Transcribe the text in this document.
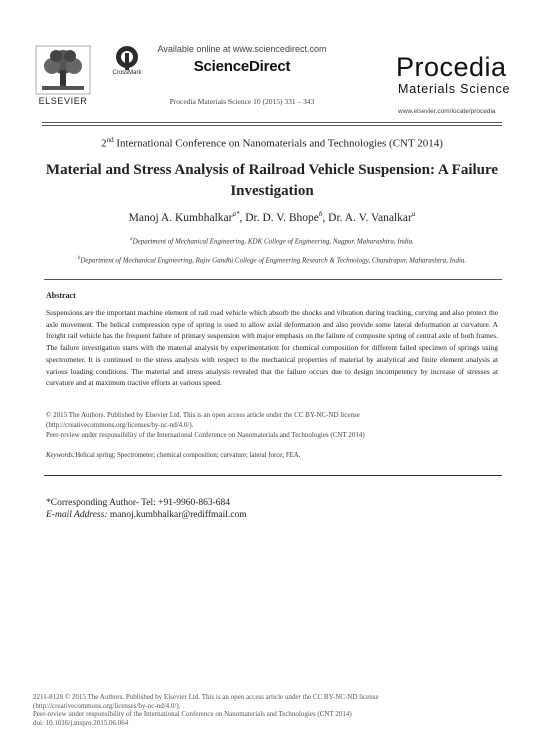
ELSEVIER
CrossMark
Available online at www.sciencedirect.com
ScienceDirect
Procedia Materials Science 10 (2015) 331 – 343
Procedia
Materials Science
www.elsevier.com/locate/procedia
2nd International Conference on Nanomaterials and Technologies (CNT 2014)
Material and Stress Analysis of Railroad Vehicle Suspension: A Failure Investigation
Manoj A. Kumbhalkar$^{a*}$, Dr. D. V. Bhope$^b$, Dr. A. V. Vanalkar$^a$
$^a$Department of Mechanical Engineering, KDK College of Engineering, Nagpur, Maharashtra, India.
$^b$Department of Mechanical Engineering, Rajiv Gandhi College of Engineering Research & Technology, Chandrapur, Maharashtra, India.
Abstract
Suspensions are the important machine element of rail road vehicle which absorb the shocks and vibration during tracking, curving and also protect the axle movement. The helical compression type of spring is used to allow axial deformation and also provide some lateral deformation at curvature. A freight rail vehicle has the frequent failure of primary suspension with major emphasis on the failure of composite spring of central axle of both frames. The failure investigation starts with the material analysis by experimentation for chemical composition for different failed specimen of springs using spectrometer. It is continued to the stress analysis with respect to the mechanical properties of material by analytical and finite element analysis at various loading conditions. The material and stress analysis revealed that the failure occurs due to design incompetency by increase of stresses at curvature and at maximum tractive efforts at various speed.
© 2015 The Authors. Published by Elsevier Ltd. This is an open access article under the CC BY-NC-ND license
(http://creativecommons.org/licenses/by-nc-nd/4.0/).
Peer-review under responsibility of the International Conference on Nanomaterials and Technologies (CNT 2014)
Keywords:Helical spring; Spectrometer; chemical composition; curvature; lateral force; FEA.
*Corresponding Author- Tel: +91-9960-863-684
E-mail Address: manoj.kumbhalkar@rediffmail.com
2211-8128 © 2015 The Authors. Published by Elsevier Ltd. This is an open access article under the CC BY-NC-ND license
(http://creativecommons.org/licenses/by-nc-nd/4.0/).
Peer-review under responsibility of the International Conference on Nanomaterials and Technologies (CNT 2014)
doi: 10.1016/j.mspro.2015.06.064
